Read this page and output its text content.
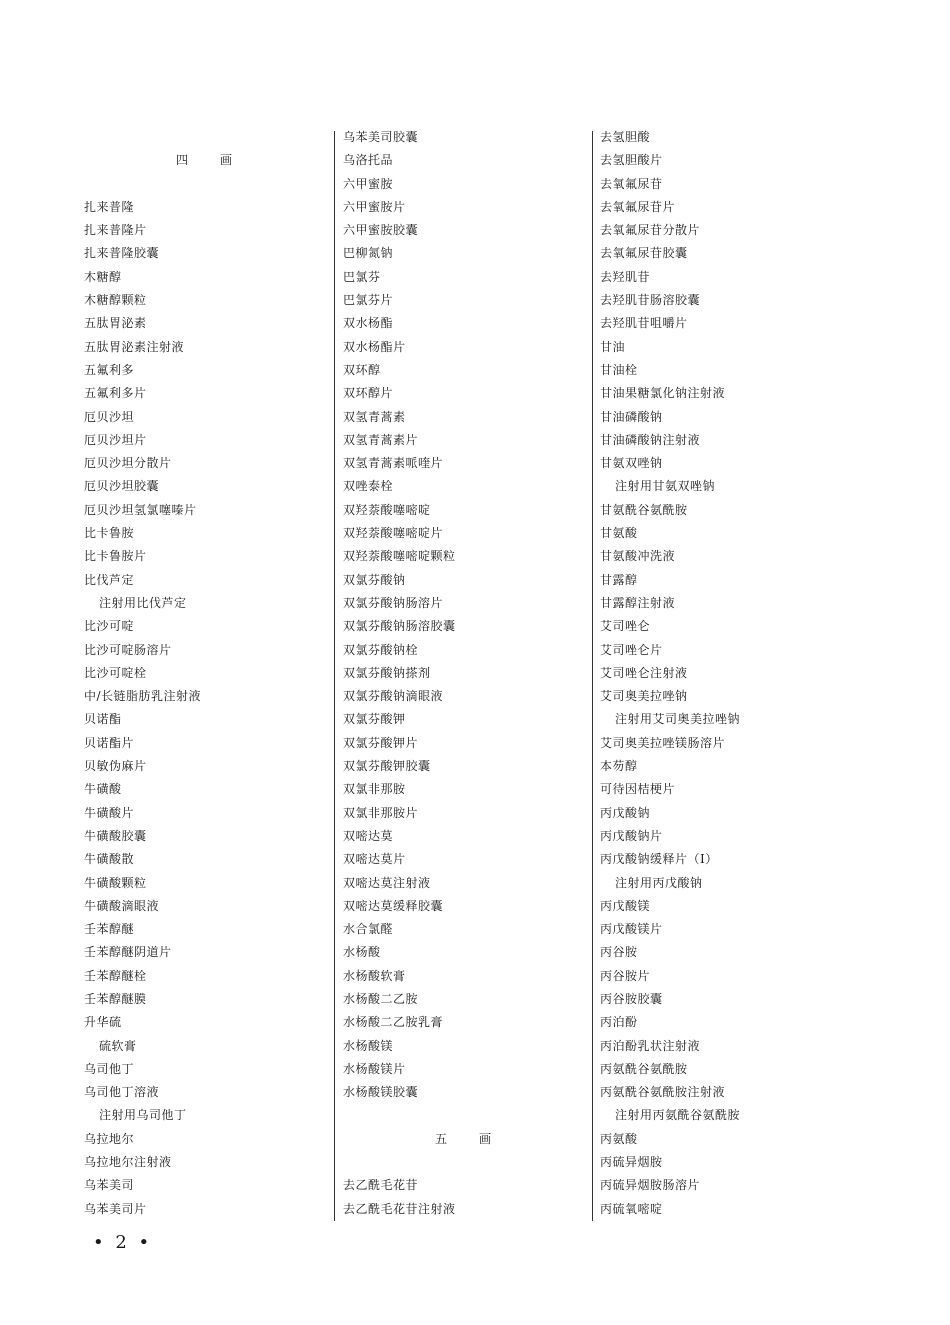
四　画
扎来普隆
扎来普隆片
扎来普隆胶囊
木糖醇
木糖醇颗粒
五肽胃泌素
五肽胃泌素注射液
五氟利多
五氟利多片
厄贝沙坦
厄贝沙坦片
厄贝沙坦分散片
厄贝沙坦胶囊
厄贝沙坦氢氯噻嗪片
比卡鲁胺
比卡鲁胺片
比伐芦定
注射用比伐芦定
比沙可啶
比沙可啶肠溶片
比沙可啶栓
中/长链脂肪乳注射液
贝诺酯
贝诺酯片
贝敏伪麻片
牛磺酸
牛磺酸片
牛磺酸胶囊
牛磺酸散
牛磺酸颗粒
牛磺酸滴眼液
壬苯醇醚
壬苯醇醚阴道片
壬苯醇醚栓
壬苯醇醚膜
升华硫
硫软膏
乌司他丁
乌司他丁溶液
注射用乌司他丁
乌拉地尔
乌拉地尔注射液
乌苯美司
乌苯美司片
乌苯美司胶囊
乌洛托品
六甲蜜胺
六甲蜜胺片
六甲蜜胺胶囊
巴柳氮钠
巴氯芬
巴氯芬片
双水杨酯
双水杨酯片
双环醇
双环醇片
双氢青蒿素
双氢青蒿素片
双氢青蒿素哌喹片
双唑泰栓
双羟萘酸噻嘧啶
双羟萘酸噻嘧啶片
双羟萘酸噻嘧啶颗粒
双氯芬酸钠
双氯芬酸钠肠溶片
双氯芬酸钠肠溶胶囊
双氯芬酸钠栓
双氯芬酸钠搽剂
双氯芬酸钠滴眼液
双氯芬酸钾
双氯芬酸钾片
双氯芬酸钾胶囊
双氯非那胺
双氯非那胺片
双嘧达莫
双嘧达莫片
双嘧达莫注射液
双嘧达莫缓释胶囊
水合氯醛
水杨酸
水杨酸软膏
水杨酸二乙胺
水杨酸二乙胺乳膏
水杨酸镁
水杨酸镁片
水杨酸镁胶囊
五　画
去乙酰毛花苷
去乙酰毛花苷注射液
去氢胆酸
去氢胆酸片
去氧氟尿苷
去氧氟尿苷片
去氧氟尿苷分散片
去氧氟尿苷胶囊
去羟肌苷
去羟肌苷肠溶胶囊
去羟肌苷咀嚼片
甘油
甘油栓
甘油果糖氯化钠注射液
甘油磷酸钠
甘油磷酸钠注射液
甘氨双唑钠
注射用甘氨双唑钠
甘氨酰谷氨酰胺
甘氨酸
甘氨酸冲洗液
甘露醇
甘露醇注射液
艾司唑仑
艾司唑仑片
艾司唑仑注射液
艾司奥美拉唑钠
注射用艾司奥美拉唑钠
艾司奥美拉唑镁肠溶片
本芴醇
可待因桔梗片
丙戊酸钠
丙戊酸钠片
丙戊酸钠缓释片（Ⅰ）
注射用丙戊酸钠
丙戊酸镁
丙戊酸镁片
丙谷胺
丙谷胺片
丙谷胺胶囊
丙泊酚
丙泊酚乳状注射液
丙氨酰谷氨酰胺
丙氨酰谷氨酰胺注射液
注射用丙氨酰谷氨酰胺
丙氨酸
丙硫异烟胺
丙硫异烟胺肠溶片
丙硫氧嘧啶
• 2 •
